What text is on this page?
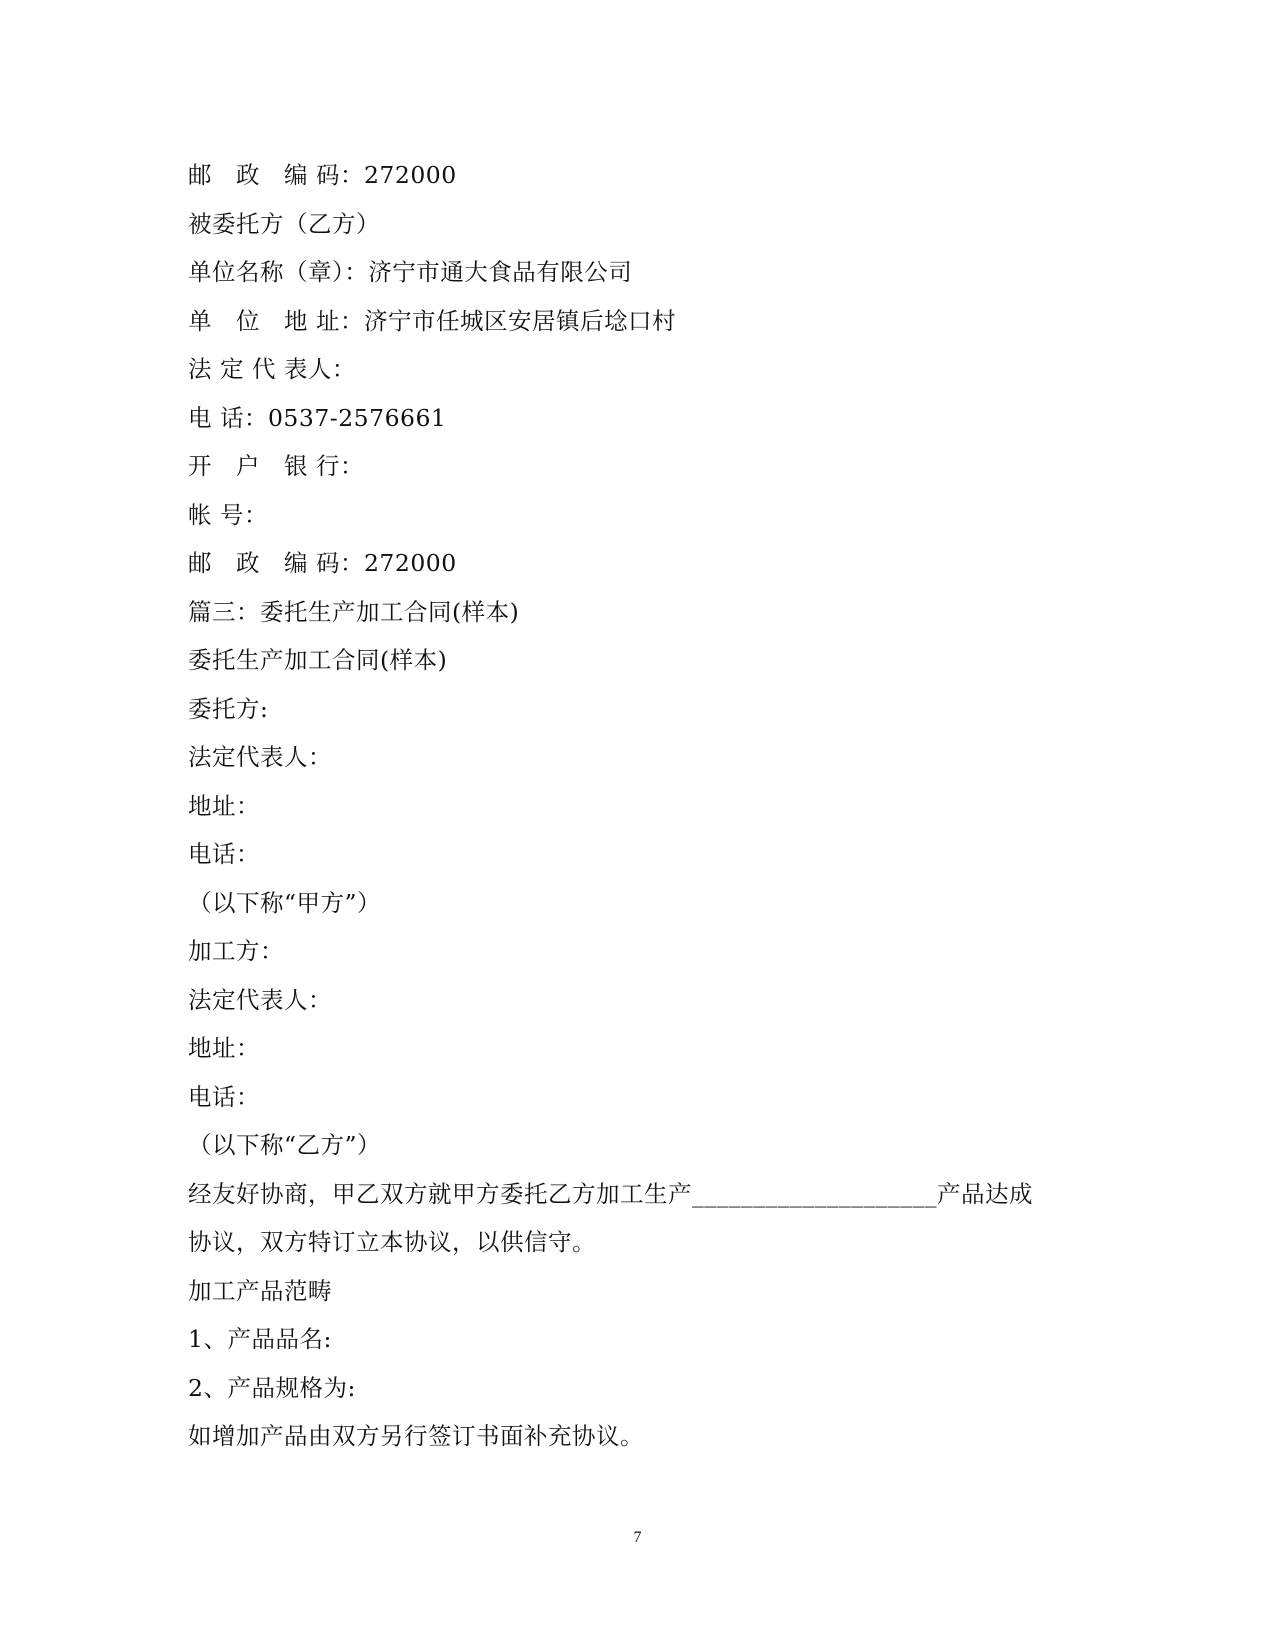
邮　政　编 码：272000
被委托方（乙方）
单位名称（章）：济宁市通大食品有限公司
单　位　地 址：济宁市任城区安居镇后埝口村
法 定 代 表人：
电 话：0537-2576661
开　户　银 行：
帐 号：
邮　政　编 码：272000
篇三：委托生产加工合同(样本)
委托生产加工合同(样本)
委托方:
法定代表人：
地址：
电话：
（以下称“甲方”）
加工方：
法定代表人：
地址：
电话：
（以下称“乙方”）
经友好协商，甲乙双方就甲方委托乙方加工生产____________________产品达成
协议，双方特订立本协议，以供信守。
加工产品范畴
1、产品品名:
2、产品规格为:
如增加产品由双方另行签订书面补充协议。
7
